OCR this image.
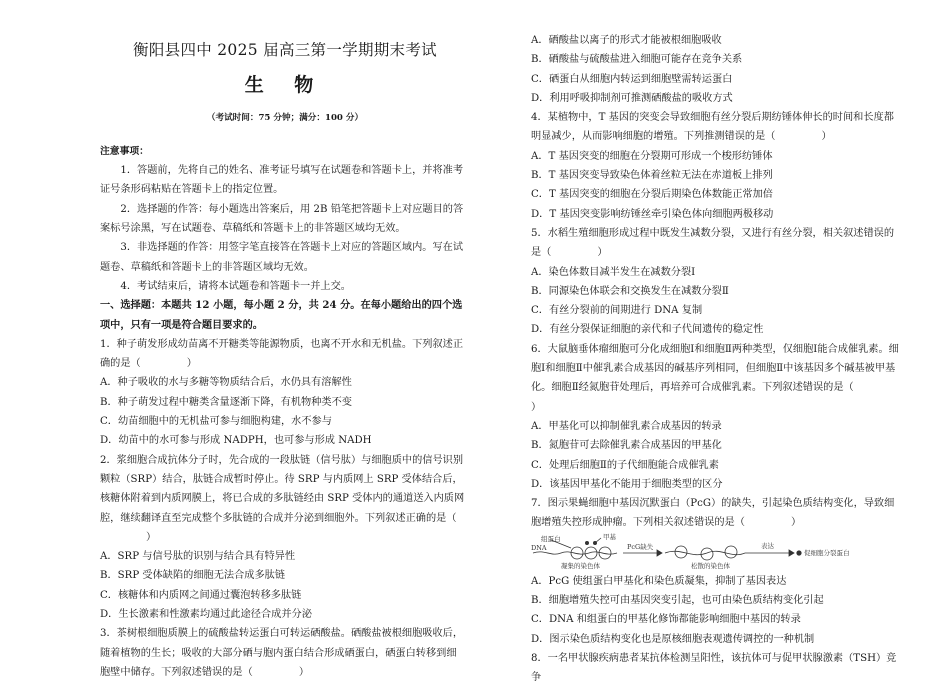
衡阳县四中 2025 届高三第一学期期末考试

生 物

（考试时间：75 分钟；满分：100 分）

注意事项：

1．答题前，先将自己的姓名、准考证号填写在试题卷和答题卡上，并将准考证号条形码粘贴在答题卡上的指定位置。

2．选择题的作答：每小题选出答案后，用 2B 铅笔把答题卡上对应题目的答案标号涂黑，写在试题卷、草稿纸和答题卡上的非答题区域均无效。

3．非选择题的作答：用签字笔直接答在答题卡上对应的答题区域内。写在试题卷、草稿纸和答题卡上的非答题区域均无效。

4．考试结束后，请将本试题卷和答题卡一并上交。

一、选择题：本题共 12 小题，每小题 2 分，共 24 分。在每小题给出的四个选项中，只有一项是符合题目要求的。

1．种子萌发形成幼苗离不开糖类等能源物质，也离不开水和无机盐。下列叙述正确的是（	）

A．种子吸收的水与多糖等物质结合后，水仍具有溶解性

B．种子萌发过程中糖类含量逐渐下降，有机物种类不变

C．幼苗细胞中的无机盐可参与细胞构建，水不参与

D．幼苗中的水可参与形成 NADPH，也可参与形成 NADH

2．浆细胞合成抗体分子时，先合成的一段肽链（信号肽）与细胞质中的信号识别颗粒（SRP）结合，肽链合成暂时停止。待 SRP 与内质网上 SRP 受体结合后，核糖体附着到内质网膜上，将已合成的多肽链经由 SRP 受体内的通道送入内质网腔，继续翻译直至完成整个多肽链的合成并分泌到细胞外。下列叙述正确的是（）

A．SRP 与信号肽的识别与结合具有特异性

B．SRP 受体缺陷的细胞无法合成多肽链

C．核糖体和内质网之间通过囊泡转移多肽链

D．生长激素和性激素均通过此途径合成并分泌

3．茶树根细胞质膜上的硫酸盐转运蛋白可转运硒酸盐。硒酸盐被根细胞吸收后，随着植物的生长；吸收的大部分硒与胞内蛋白结合形成硒蛋白，硒蛋白转移到细

胞壁中储存。下列叙述错误的是（	）

A．硒酸盐以离子的形式才能被根细胞吸收

B．硒酸盐与硫酸盐进入细胞可能存在竞争关系

C．硒蛋白从细胞内转运到细胞壁需转运蛋白

D．利用呼吸抑制剂可推测硒酸盐的吸收方式

4．某植物中，T 基因的突变会导致细胞有丝分裂后期纺锤体伸长的时间和长度都明显减少，从而影响细胞的增殖。下列推测错误的是（	）

A．T 基因突变的细胞在分裂期可形成一个梭形纺锤体

B．T 基因突变导致染色体着丝粒无法在赤道板上排列

C．T 基因突变的细胞在分裂后期染色体数能正常加倍

D．T 基因突变影响纺锤丝牵引染色体向细胞两极移动

5．水稻生殖细胞形成过程中既发生减数分裂，又进行有丝分裂，相关叙述错误的是（	）

A．染色体数目减半发生在减数分裂Ⅰ

B．同源染色体联会和交换发生在减数分裂Ⅱ

C．有丝分裂前的间期进行 DNA 复制

D．有丝分裂保证细胞的亲代和子代间遗传的稳定性

6．大鼠脑垂体瘤细胞可分化成细胞Ⅰ和细胞Ⅱ两种类型，仅细胞Ⅰ能合成催乳素。细胞Ⅰ和细胞Ⅱ中催乳素合成基因的碱基序列相同，但细胞Ⅱ中该基因多个碱基被甲基化。细胞Ⅱ经氮胞苷处理后，再培养可合成催乳素。下列叙述错误的是（）

A．甲基化可以抑制催乳素合成基因的转录

B．氮胞苷可去除催乳素合成基因的甲基化

C．处理后细胞Ⅱ的子代细胞能合成催乳素

D．该基因甲基化不能用于细胞类型的区分

7．图示果蝇细胞中基因沉默蛋白（PcG）的缺失，引起染色质结构变化，导致细胞增殖失控形成肿瘤。下列相关叙述错误的是（	）

组蛋白	甲基
DNA	PcG缺失	表达
凝集的染色体	松散的染色体
促细胞分裂蛋白

A．PcG 使组蛋白甲基化和染色质凝集，抑制了基因表达

B．细胞增殖失控可由基因突变引起，也可由染色质结构变化引起

C．DNA 和组蛋白的甲基化修饰都能影响细胞中基因的转录

D．图示染色质结构变化也是原核细胞表观遗传调控的一种机制

8．一名甲状腺疾病患者某抗体检测呈阳性，该抗体可与促甲状腺激素（TSH）竞争
